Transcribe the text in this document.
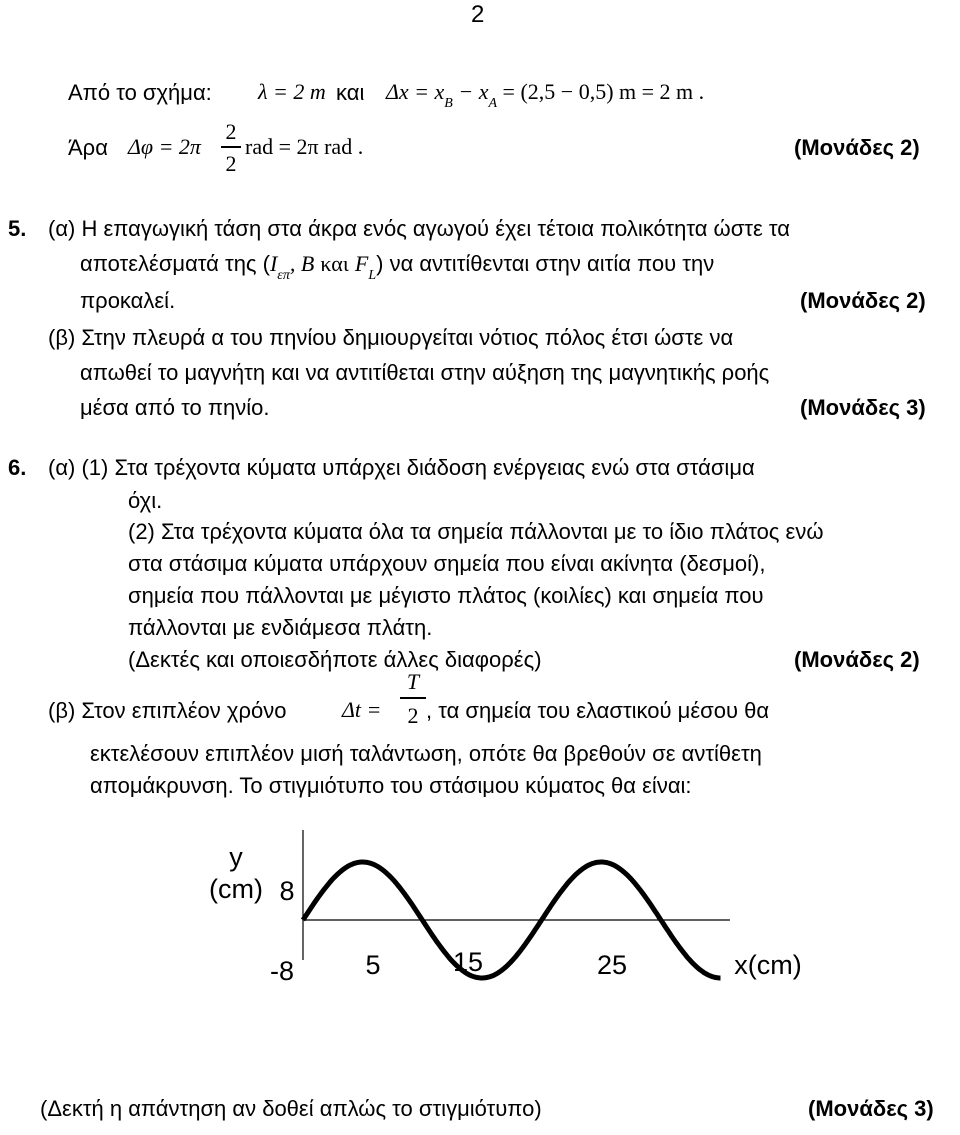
2
Από το σχήμα: λ = 2 m και $\Delta x = x_B - x_A = (2,5 - 0,5) m = 2$ m .
Άρα Δφ = 2π
2
2
rad = 2π rad .	(Μονάδες 2)
5. (α) Η επαγωγική τάση στα άκρα ενός αγωγού έχει τέτοια πολικότητα ώστε τα
αποτελέσματά της ($I_{\varepsilon\pi}$, B και $F_L$) να αντιτίθενται στην αιτία που την
προκαλεί.	(Μονάδες 2)
(β) Στην πλευρά α του πηνίου δημιουργείται νότιος πόλος έτσι ώστε να
απωθεί το μαγνήτη και να αντιτίθεται στην αύξηση της μαγνητικής ροής
μέσα από το πηνίο.	(Μονάδες 3)
6. (α) (1) Στα τρέχοντα κύματα υπάρχει διάδοση ενέργειας ενώ στα στάσιμα
όχι.
(2) Στα τρέχοντα κύματα όλα τα σημεία πάλλονται με το ίδιο πλάτος ενώ
στα στάσιμα κύματα υπάρχουν σημεία που είναι ακίνητα (δεσμοί),
σημεία που πάλλονται με μέγιστο πλάτος (κοιλίες) και σημεία που
πάλλονται με ενδιάμεσα πλάτη.
(Δεκτές και οποιεσδήποτε άλλες διαφορές)	(Μονάδες 2)
(β) Στον επιπλέον χρόνο	Δt =
T
2 , τα σημεία του ελαστικού μέσου θα
εκτελέσουν επιπλέον μισή ταλάντωση, οπότε θα βρεθούν σε αντίθετη
απομάκρυνση. Το στιγμιότυπο του στάσιμου κύματος θα είναι:
y
(cm) 8
-8	5	15	25	x(cm)
(Δεκτή η απάντηση αν δοθεί απλώς το στιγμιότυπο)	(Μονάδες 3)
